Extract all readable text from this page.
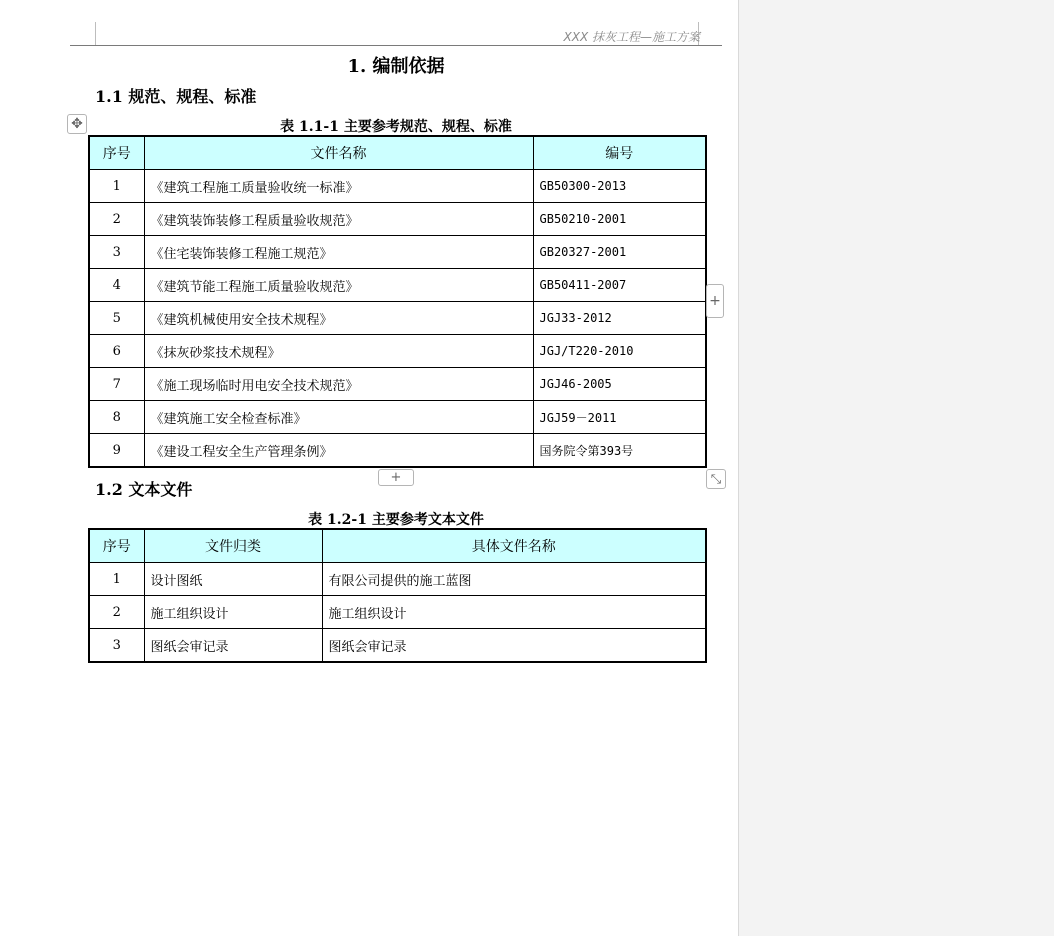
XXX 抹灰工程—施工方案
1. 编制依据
1.1 规范、规程、标准
表 1.1-1 主要参考规范、规程、标准
序号	文件名称	编号
1	《建筑工程施工质量验收统一标准》	GB50300-2013
2	《建筑装饰装修工程质量验收规范》	GB50210-2001
3	《住宅装饰装修工程施工规范》	GB20327-2001
4	《建筑节能工程施工质量验收规范》	GB50411-2007
5	《建筑机械使用安全技术规程》	JGJ33-2012
6	《抹灰砂浆技术规程》	JGJ/T220-2010
7	《施工现场临时用电安全技术规范》	JGJ46-2005
8	《建筑施工安全检查标准》	JGJ59－2011
9	《建设工程安全生产管理条例》	国务院令第393号
1.2 文本文件
表 1.2-1 主要参考文本文件
序号	文件归类	具体文件名称
1	设计图纸	有限公司提供的施工蓝图
2	施工组织设计	施工组织设计
3	图纸会审记录	图纸会审记录
✥
+
+	⤡
